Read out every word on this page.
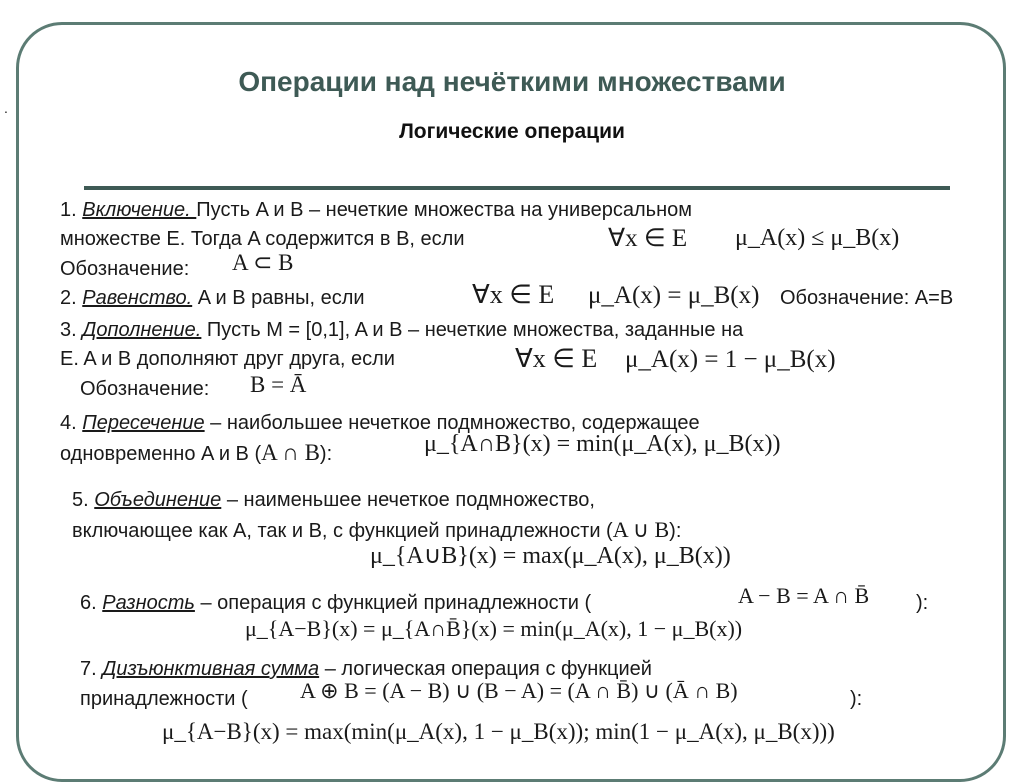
.
Операции над нечёткими множествами
Логические операции
1. Включение. Пусть A и B – нечеткие множества на универсальном
множестве E. Тогда A содержится в B, если
Обозначение:
∀x ∈ E μ_A(x) ≤ μ_B(x)
A ⊂ B
2. Равенство. A и B равны, если	∀x ∈ E μ_A(x) = μ_B(x) Обозначение: A=B
3. Дополнение. Пусть M = [0,1], A и B – нечеткие множества, заданные на
E. A и B дополняют друг друга, если
Обозначение:
∀x ∈ E μ_A(x) = 1 − μ_B(x)
B = Ā
4. Пересечение – наибольшее нечеткое подмножество, содержащее
одновременно A и B (A ∩ B):	μ_{A∩B}(x) = min(μ_A(x), μ_B(x))
5. Объединение – наименьшее нечеткое подмножество,
включающее как A, так и B, с функцией принадлежности (A ∪ B):
μ_{A∪B}(x) = max(μ_A(x), μ_B(x))
6. Разность – операция с функцией принадлежности (	A − B = A ∩ B̄ ):
μ_{A−B}(x) = μ_{A∩B̄}(x) = min(μ_A(x), 1 − μ_B(x))
7. Дизъюнктивная сумма – логическая операция с функцией
принадлежности ( A ⊕ B = (A − B) ∪ (B − A) = (A ∩ B̄) ∪ (Ā ∩ B)	):
μ_{A−B}(x) = max(min(μ_A(x), 1 − μ_B(x)); min(1 − μ_A(x), μ_B(x)))
